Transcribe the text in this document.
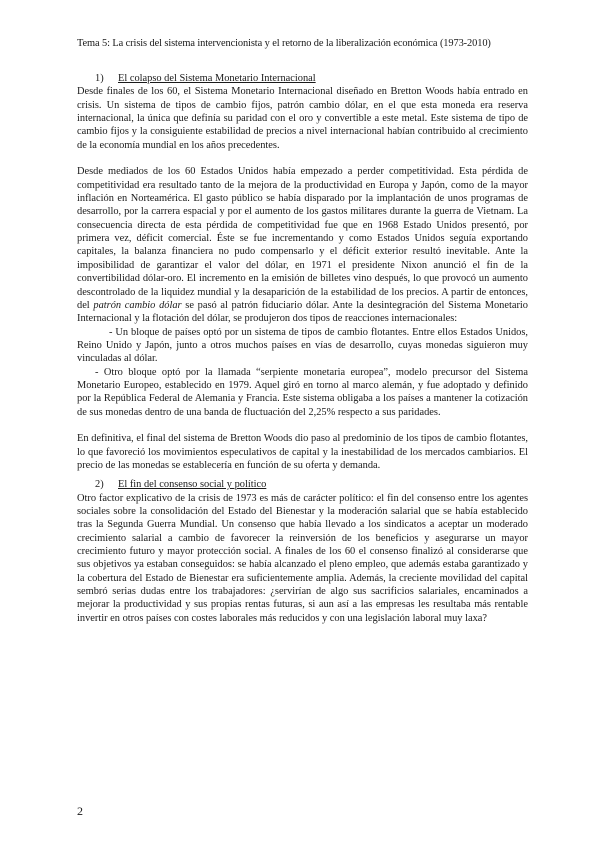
Tema 5: La crisis del sistema intervencionista y el retorno de la liberalización económica (1973-2010)

1) El colapso del Sistema Monetario Internacional

Desde finales de los 60, el Sistema Monetario Internacional diseñado en Bretton Woods había entrado en crisis. Un sistema de tipos de cambio fijos, patrón cambio dólar, en el que esta moneda era reserva internacional, la única que definía su paridad con el oro y convertible a este metal. Este sistema de tipo de cambio fijos y la consiguiente estabilidad de precios a nivel internacional habían contribuido al crecimiento de la economía mundial en los años precedentes.

Desde mediados de los 60 Estados Unidos había empezado a perder competitividad. Esta pérdida de competitividad era resultado tanto de la mejora de la productividad en Europa y Japón, como de la mayor inflación en Norteamérica. El gasto público se había disparado por la implantación de unos programas de desarrollo, por la carrera espacial y por el aumento de los gastos militares durante la guerra de Vietnam. La consecuencia directa de esta pérdida de competitividad fue que en 1968 Estado Unidos presentó, por primera vez, déficit comercial. Éste se fue incrementando y como Estados Unidos seguía exportando capitales, la balanza financiera no pudo compensarlo y el déficit exterior resultó inevitable. Ante la imposibilidad de garantizar el valor del dólar, en 1971 el presidente Nixon anunció el fin de la convertibilidad dólar-oro. El incremento en la emisión de billetes vino después, lo que provocó un aumento descontrolado de la liquidez mundial y la desaparición de la estabilidad de los precios. A partir de entonces, del patrón cambio dólar se pasó al patrón fiduciario dólar. Ante la desintegración del Sistema Monetario Internacional y la flotación del dólar, se produjeron dos tipos de reacciones internacionales:

- Un bloque de países optó por un sistema de tipos de cambio flotantes. Entre ellos Estados Unidos, Reino Unido y Japón, junto a otros muchos países en vías de desarrollo, cuyas monedas siguieron muy vinculadas al dólar.

- Otro bloque optó por la llamada “serpiente monetaria europea”, modelo precursor del Sistema Monetario Europeo, establecido en 1979. Aquel giró en torno al marco alemán, y fue adoptado y definido por la República Federal de Alemania y Francia. Este sistema obligaba a los países a mantener la cotización de sus monedas dentro de una banda de fluctuación del 2,25% respecto a sus paridades.

En definitiva, el final del sistema de Bretton Woods dio paso al predominio de los tipos de cambio flotantes, lo que favoreció los movimientos especulativos de capital y la inestabilidad de los mercados cambiarios. El precio de las monedas se establecería en función de su oferta y demanda.

2) El fin del consenso social y político

Otro factor explicativo de la crisis de 1973 es más de carácter político: el fin del consenso entre los agentes sociales sobre la consolidación del Estado del Bienestar y la moderación salarial que se había establecido tras la Segunda Guerra Mundial. Un consenso que había llevado a los sindicatos a aceptar un moderado crecimiento salarial a cambio de favorecer la reinversión de los beneficios y asegurarse un mayor crecimiento futuro y mayor protección social. A finales de los 60 el consenso finalizó al considerarse que sus objetivos ya estaban conseguidos: se había alcanzado el pleno empleo, que además estaba garantizado y la cobertura del Estado de Bienestar era suficientemente amplia. Además, la creciente movilidad del capital sembró serias dudas entre los trabajadores: ¿servirían de algo sus sacrificios salariales, encaminados a mejorar la productividad y sus propias rentas futuras, si aun así a las empresas les resultaba más rentable invertir en otros países con costes laborales más reducidos y con una legislación laboral muy laxa?

2
